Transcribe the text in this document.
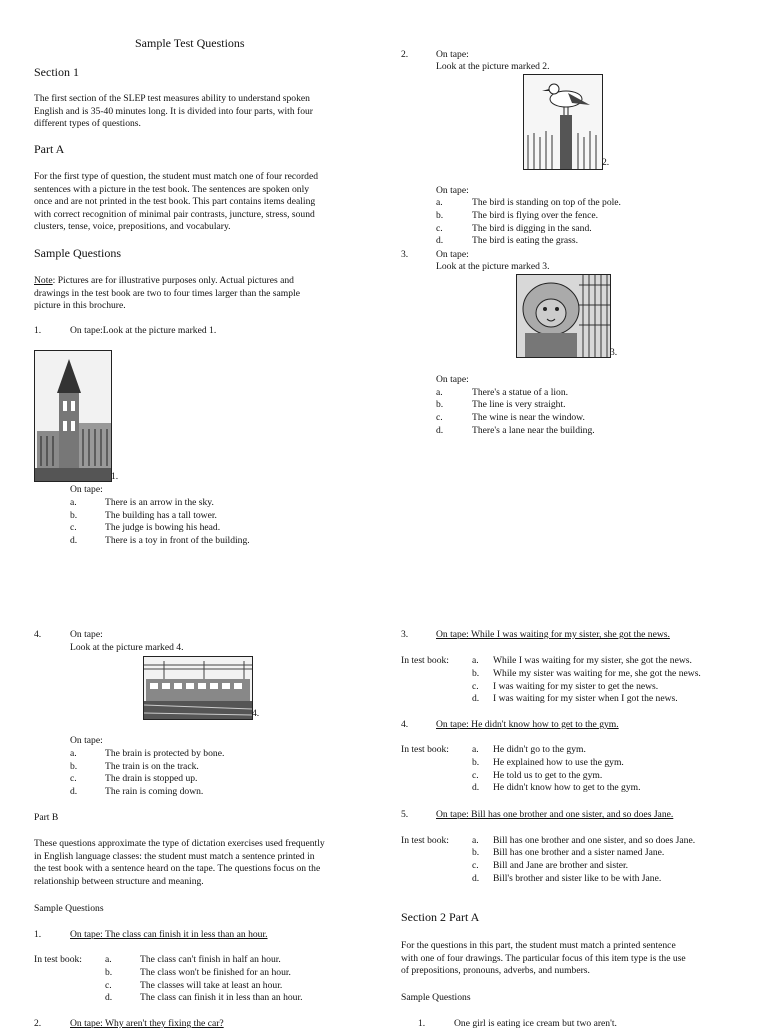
Sample Test Questions
Section 1
The first section of the SLEP test measures ability to understand spoken
English and is 35-40 minutes long. It is divided into four parts, with four
different types of questions.
Part A
For the first type of question, the student must match one of four recorded
sentences with a picture in the test book. The sentences are spoken only
once and are not printed in the test book. This part contains items dealing
with correct recognition of minimal pair contrasts, juncture, stress, sound
clusters, tense, voice, prepositions, and vocabulary.
Sample Questions
Note: Pictures are for illustrative purposes only. Actual pictures and
drawings in the test book are two to four times larger than the sample
picture in this brochure.
1.	On tape:Look at the picture marked 1.
1.
On tape:
a.	There is an arrow in the sky.
b.	The building has a tall tower.
c.	The judge is bowing his head.
d.	There is a toy in front of the building.
4.	On tape:
Look at the picture marked 4.
4.
On tape:
a.	The brain is protected by bone.
b.	The train is on the track.
c.	The drain is stopped up.
d.	The rain is coming down.
Part B
These questions approximate the type of dictation exercises used frequently
in English language classes: the student must match a sentence printed in
the test book with a sentence heard on the tape. The questions focus on the
relationship between structure and meaning.
Sample Questions
1.	On tape: The class can finish it in less than an hour.
In test book: a.	The class can't finish in half an hour.
b.	The class won't be finished for an hour.
c.	The classes will take at least an hour.
d.	The class can finish it in less than an hour.
2.	On tape: Why aren't they fixing the car?
2.	On tape:
Look at the picture marked 2.
2.
On tape:
a.	The bird is standing on top of the pole.
b.	The bird is flying over the fence.
c.	The bird is digging in the sand.
d.	The bird is eating the grass.
3.	On tape:
Look at the picture marked 3.
3.
On tape:
a.	There's a statue of a lion.
b.	The line is very straight.
c.	The wine is near the window.
d.	There's a lane near the building.
3.	On tape: While I was waiting for my sister, she got the news.
In test book: a. While I was waiting for my sister, she got the news.
b. While my sister was waiting for me, she got the news.
c. I was waiting for my sister to get the news.
d. I was waiting for my sister when I got the news.
4.	On tape: He didn't know how to get to the gym.
In test book: a. He didn't go to the gym.
b. He explained how to use the gym.
c. He told us to get to the gym.
d. He didn't know how to get to the gym.
5.	On tape: Bill has one brother and one sister, and so does Jane.
In test book: a. Bill has one brother and one sister, and so does Jane.
b. Bill has one brother and a sister named Jane.
c. Bill and Jane are brother and sister.
d. Bill's brother and sister like to be with Jane.
Section 2 Part A
For the questions in this part, the student must match a printed sentence
with one of four drawings. The particular focus of this item type is the use
of prepositions, pronouns, adverbs, and numbers.
Sample Questions
1.	One girl is eating ice cream but two aren't.
